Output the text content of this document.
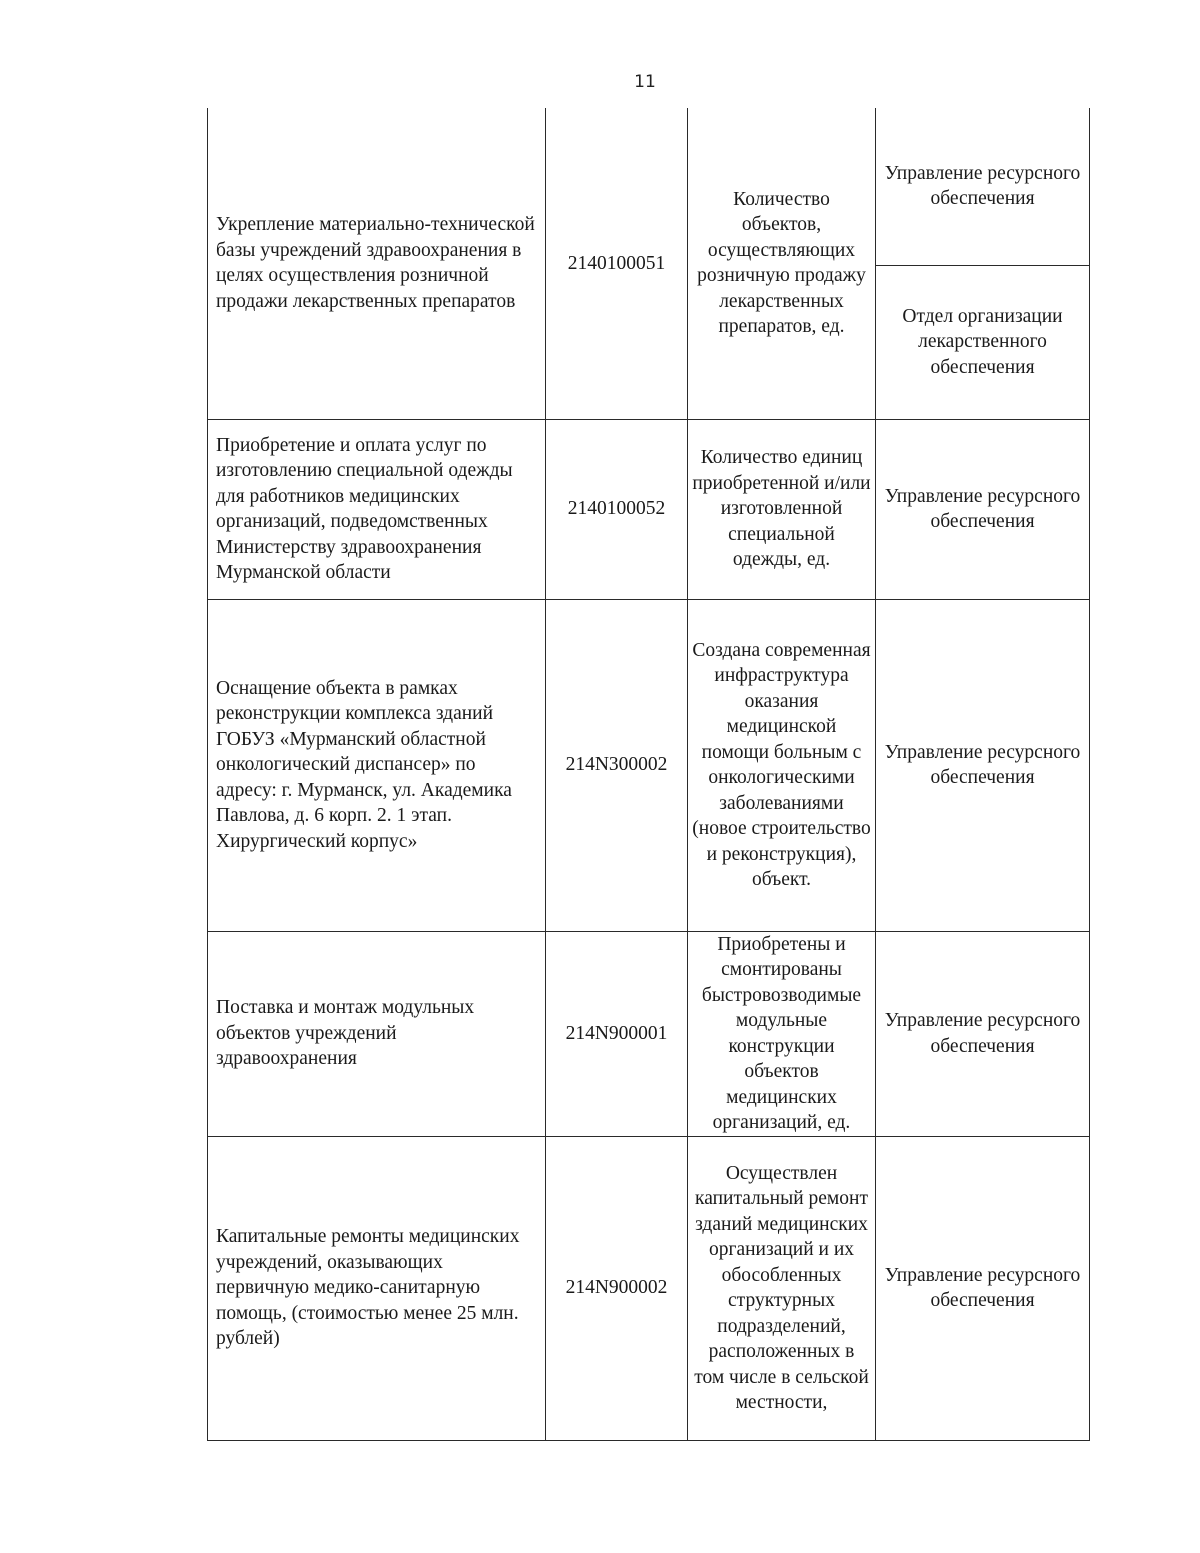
11
Укрепление материально-технической базы учреждений здравоохранения в целях осуществления розничной продажи лекарственных препаратов	2140100051	Количество объектов, осуществляющих розничную продажу лекарственных препаратов, ед.	Управление ресурсного обеспечения

			Отдел организации лекарственного обеспечения

Приобретение и оплата услуг по изготовлению специальной одежды для работников медицинских организаций, подведомственных Министерству здравоохранения Мурманской области	2140100052	Количество единиц приобретенной и/или изготовленной специальной одежды, ед.	Управление ресурсного обеспечения

Оснащение объекта в рамках реконструкции комплекса зданий ГОБУЗ «Мурманский областной онкологический диспансер» по адресу: г. Мурманск, ул. Академика Павлова, д. 6 корп. 2. 1 этап. Хирургический корпус»	214N300002	Создана современная инфраструктура оказания медицинской помощи больным с онкологическими заболеваниями (новое строительство и реконструкция), объект.	Управление ресурсного обеспечения

Поставка и монтаж модульных объектов учреждений здравоохранения	214N900001	Приобретены и смонтированы быстровозводимые модульные конструкции объектов медицинских организаций, ед.	Управление ресурсного обеспечения

Капитальные ремонты медицинских учреждений, оказывающих первичную медико-санитарную помощь, (стоимостью менее 25 млн. рублей)	214N900002	Осуществлен капитальный ремонт зданий медицинских организаций и их обособленных структурных подразделений, расположенных в том числе в сельской местности,	Управление ресурсного обеспечения
